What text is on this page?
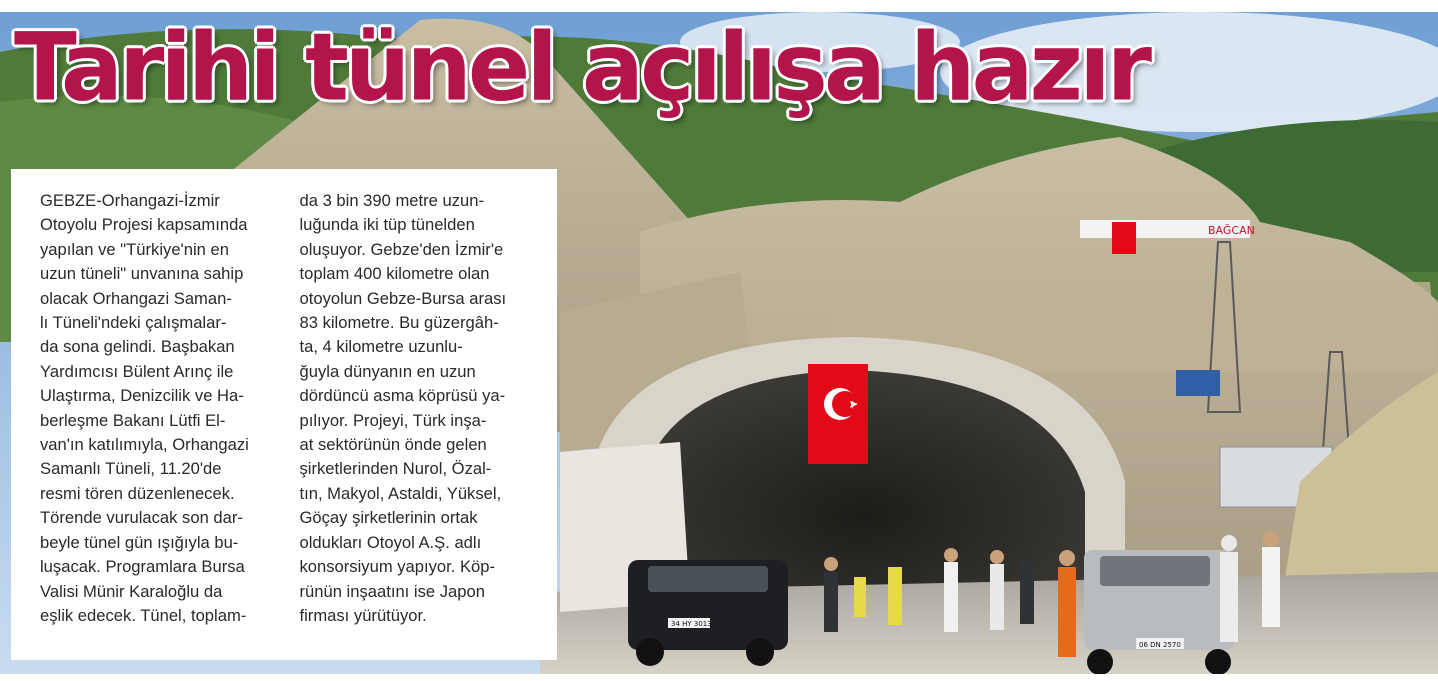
BAĞCAN
34 HY 3013
06 DN 2570
Tarihi tünel açılışa hazır
GEBZE-Orhangazi-İzmir
Otoyolu Projesi kapsamında
yapılan ve "Türkiye'nin en
uzun tüneli" unvanına sahip
olacak Orhangazi Saman-
lı Tüneli'ndeki çalışmalar-
da sona gelindi. Başbakan
Yardımcısı Bülent Arınç ile
Ulaştırma, Denizcilik ve Ha-
berleşme Bakanı Lütfi El-
van'ın katılımıyla, Orhangazi
Samanlı Tüneli, 11.20'de
resmi tören düzenlenecek.
Törende vurulacak son dar-
beyle tünel gün ışığıyla bu-
luşacak. Programlara Bursa
Valisi Münir Karaloğlu da
eşlik edecek. Tünel, toplam-
da 3 bin 390 metre uzun-
luğunda iki tüp tünelden
oluşuyor. Gebze'den İzmir'e
toplam 400 kilometre olan
otoyolun Gebze-Bursa arası
83 kilometre. Bu güzergâh-
ta, 4 kilometre uzunlu-
ğuyla dünyanın en uzun
dördüncü asma köprüsü ya-
pılıyor. Projeyi, Türk inşa-
at sektörünün önde gelen
şirketlerinden Nurol, Özal-
tın, Makyol, Astaldi, Yüksel,
Göçay şirketlerinin ortak
oldukları Otoyol A.Ş. adlı
konsorsiyum yapıyor. Köp-
rünün inşaatını ise Japon
firması yürütüyor.
